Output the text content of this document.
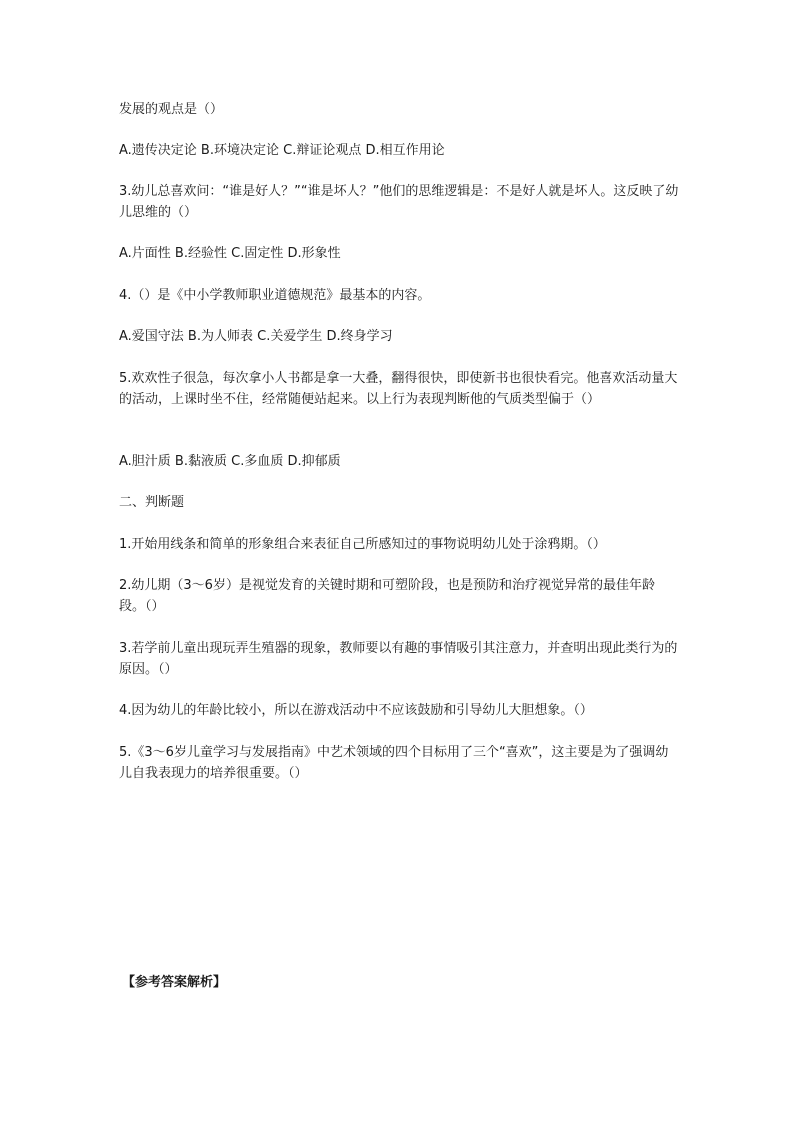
发展的观点是（）
A.遗传决定论 B.环境决定论 C.辩证论观点 D.相互作用论
3.幼儿总喜欢问：“谁是好人？”“谁是坏人？”他们的思维逻辑是：不是好人就是坏人。这反映了幼儿思维的（）
A.片面性 B.经验性 C.固定性 D.形象性
4.（）是《中小学教师职业道德规范》最基本的内容。
A.爱国守法 B.为人师表 C.关爱学生 D.终身学习
5.欢欢性子很急，每次拿小人书都是拿一大叠，翻得很快，即使新书也很快看完。他喜欢活动量大的活动，上课时坐不住，经常随便站起来。以上行为表现判断他的气质类型偏于（）
A.胆汁质 B.黏液质 C.多血质 D.抑郁质
二、判断题
1.开始用线条和简单的形象组合来表征自己所感知过的事物说明幼儿处于涂鸦期。（）
2.幼儿期（3～6岁）是视觉发育的关键时期和可塑阶段，也是预防和治疗视觉异常的最佳年龄段。（）
3.若学前儿童出现玩弄生殖器的现象，教师要以有趣的事情吸引其注意力，并查明出现此类行为的原因。（）
4.因为幼儿的年龄比较小，所以在游戏活动中不应该鼓励和引导幼儿大胆想象。（）
5.《3～6岁儿童学习与发展指南》中艺术领域的四个目标用了三个“喜欢”，这主要是为了强调幼儿自我表现力的培养很重要。（）
【参考答案解析】
